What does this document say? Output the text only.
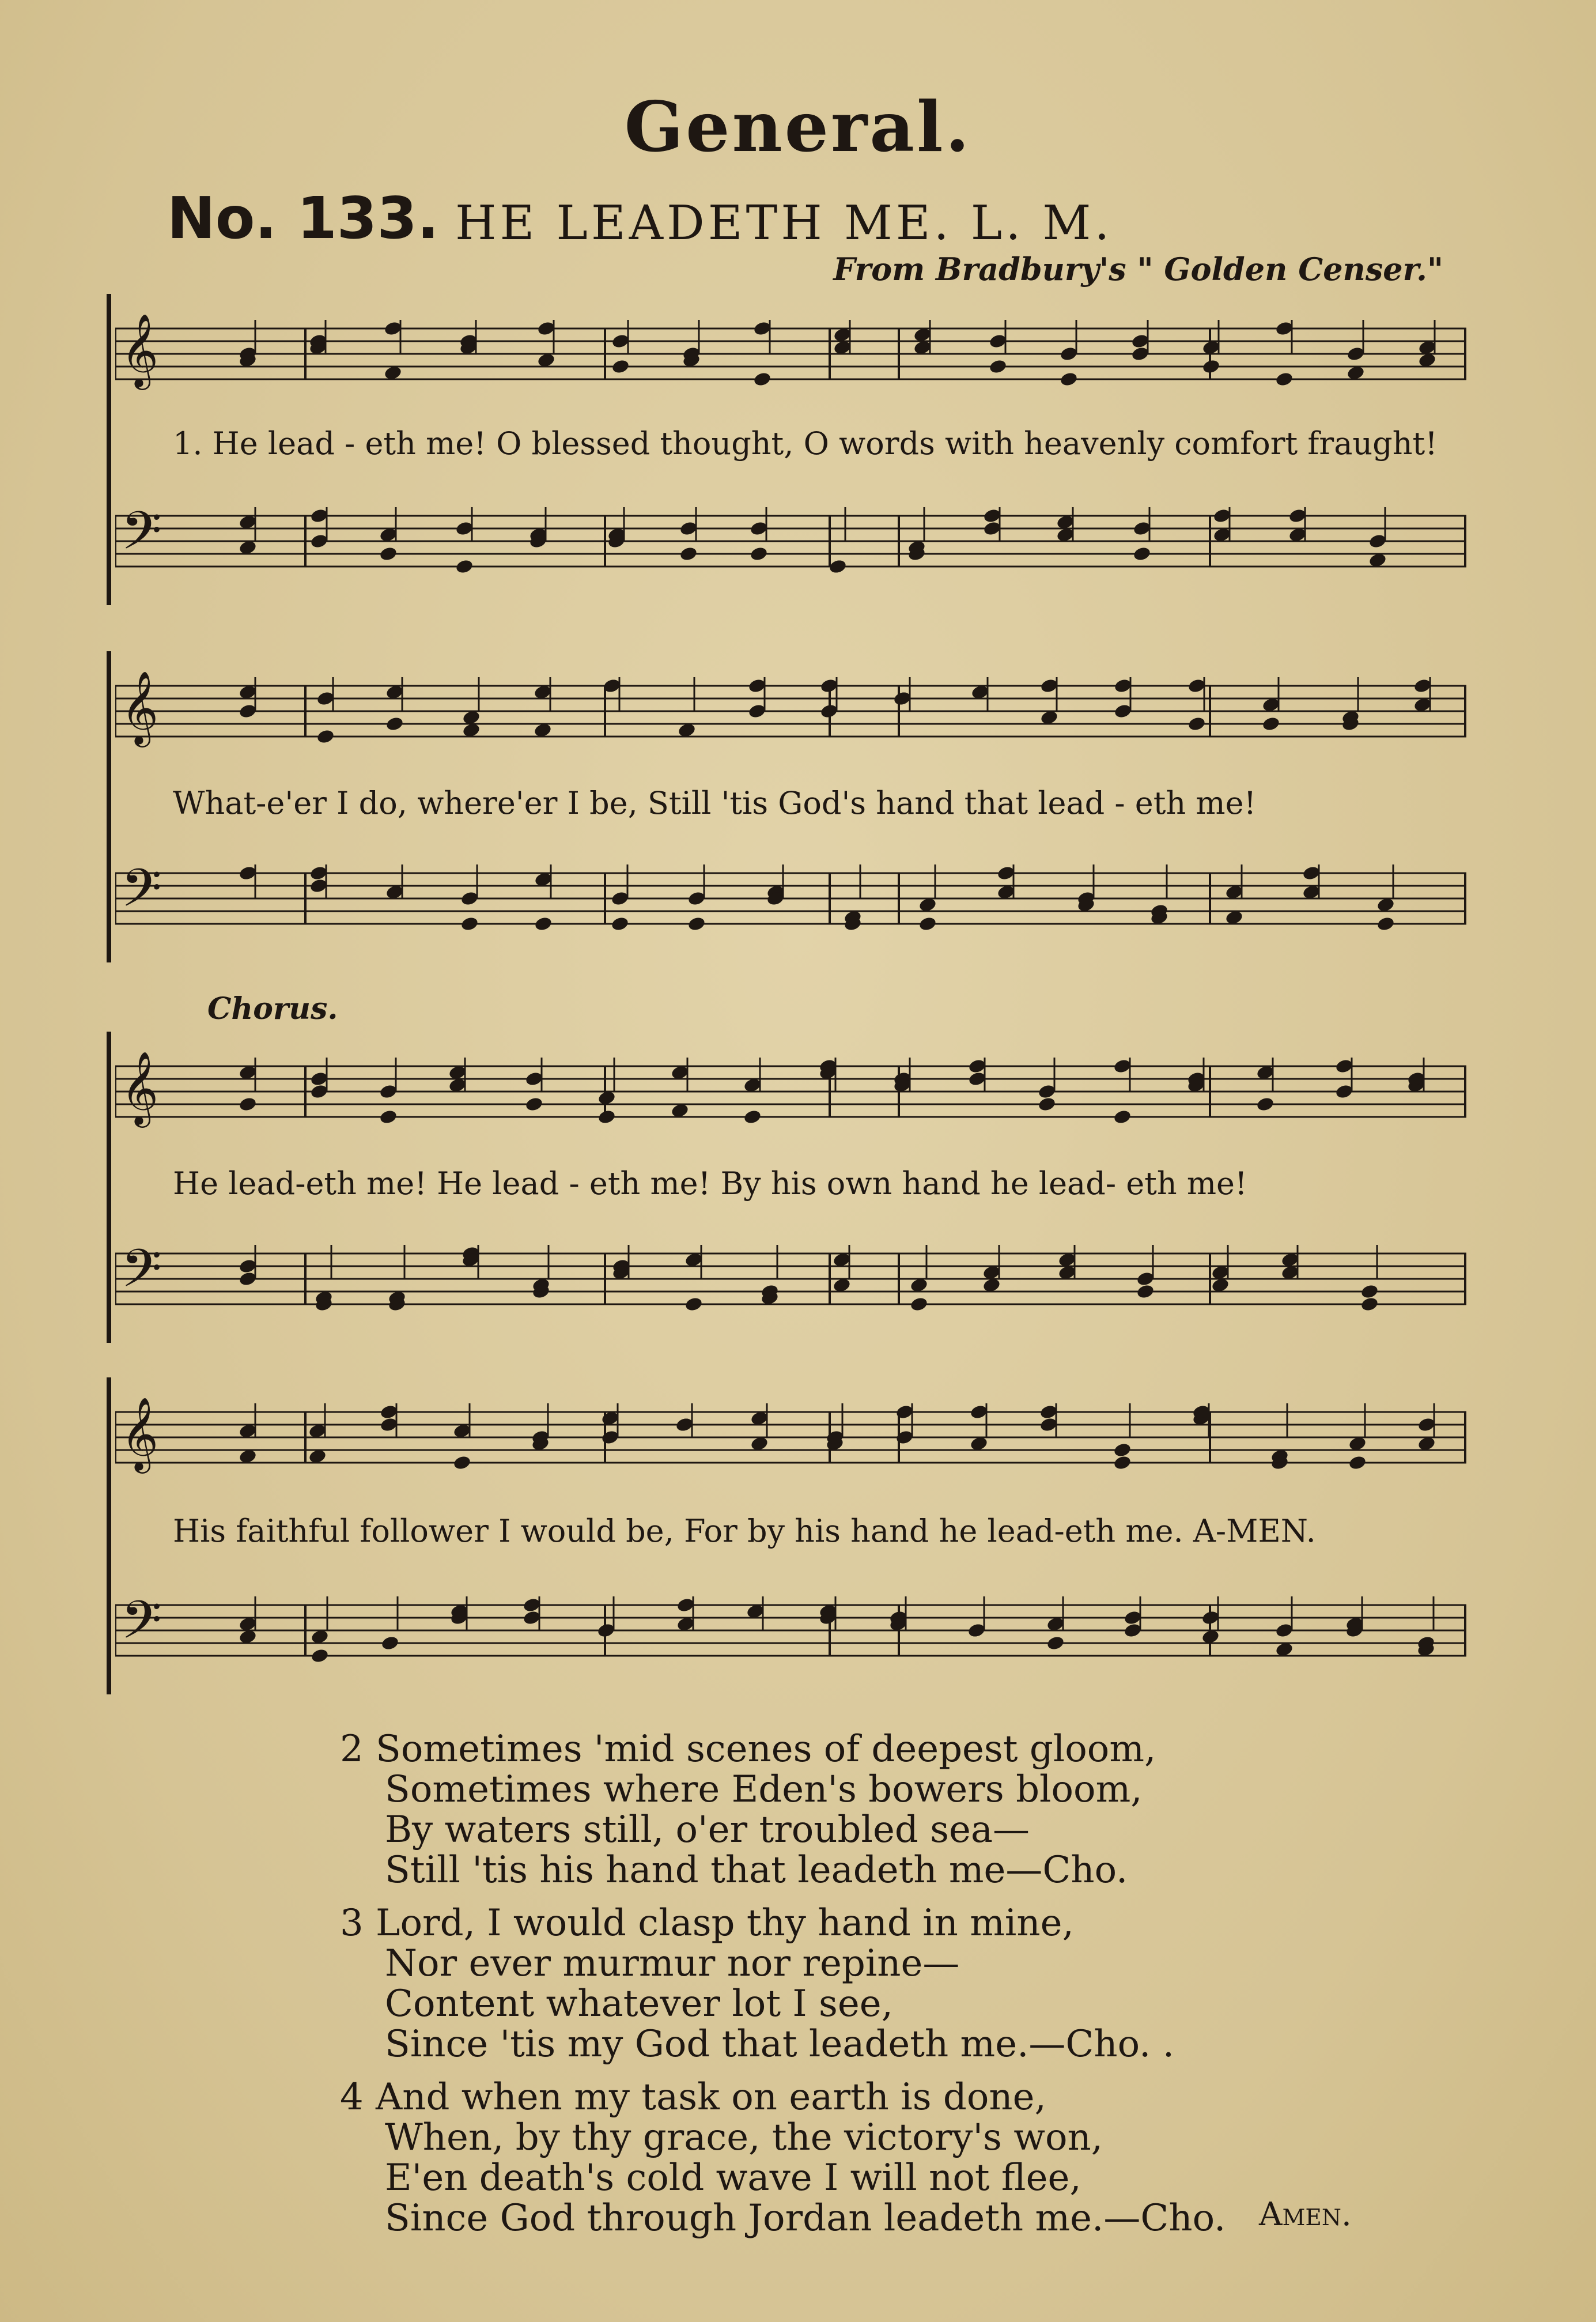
General.
No. 133. HE LEADETH ME. L. M.
From Bradbury's " Golden Censer."
𝄞
1. He lead - eth me! O blessed thought, O words with heavenly comfort fraught!
𝄢
𝄞
What-e'er I do, where'er I be, Still 'tis God's hand that lead - eth me!
𝄢
Chorus.
𝄞
He lead-eth me! He lead - eth me! By his own hand he lead- eth me!
𝄢
𝄞
His faithful follower I would be, For by his hand he lead-eth me. A-MEN.
𝄢
2 Sometimes 'mid scenes of deepest gloom,
Sometimes where Eden's bowers bloom,
By waters still, o'er troubled sea—
Still 'tis his hand that leadeth me—Cho.
3 Lord, I would clasp thy hand in mine,
Nor ever murmur nor repine—
Content whatever lot I see,
Since 'tis my God that leadeth me.—Cho. .
4 And when my task on earth is done,
When, by thy grace, the victory's won,
E'en death's cold wave I will not flee,
Since God through Jordan leadeth me.—Cho.	Amen.
